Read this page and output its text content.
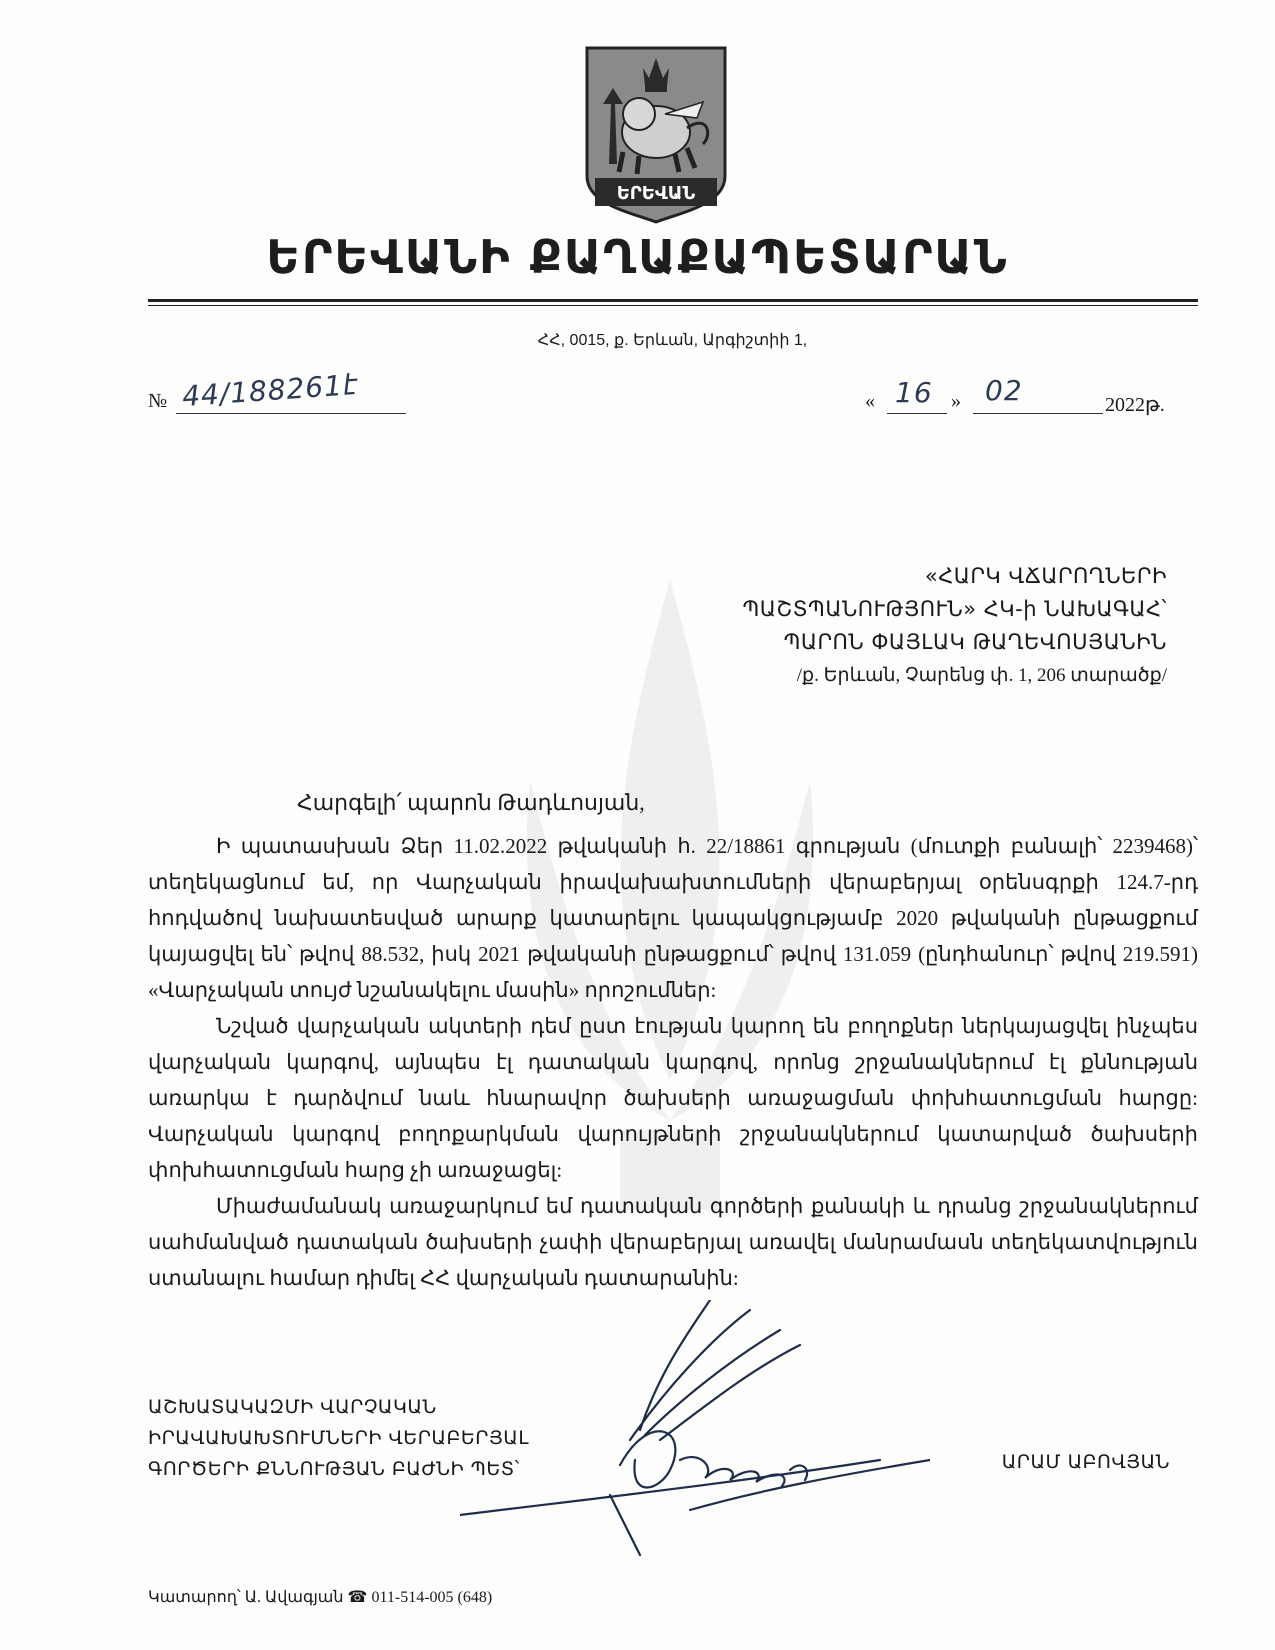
ԵՐԵՎԱՆ
ԵՐԵՎԱՆԻ ՔԱՂԱՔԱՊԵՏԱՐԱՆ
ՀՀ, 0015, ք. Երևան, Արգիշտիի 1,
№ 44/188261է	« 16 » 02	2022թ.
«ՀԱՐԿ ՎՃԱՐՈՂՆԵՐԻ
ՊԱՇՏՊԱՆՈՒԹՅՈՒՆ» ՀԿ-ի ՆԱԽԱԳԱՀ՝
ՊԱՐՈՆ ՓԱՅԼԱԿ ԹԱՂԵՎՈՍՅԱՆԻՆ
/ք. Երևան, Չարենց փ. 1, 206 տարածք/
Հարգելի՛ պարոն Թադևոսյան,

Ի պատասխան Ձեր 11.02.2022 թվականի հ. 22/18861 գրության (մուտքի բանալի՝ 2239468)՝ տեղեկացնում եմ, որ Վարչական իրավախախտումների վերաբերյալ օրենսգրքի 124.7-րդ հոդվածով նախատեսված արարք կատարելու կապակցությամբ 2020 թվականի ընթացքում կայացվել են՝ թվով 88.532, իսկ 2021 թվականի ընթացքում՝ թվով 131.059 (ընդհանուր՝ թվով 219.591) «Վարչական տույժ նշանակելու մասին» որոշումներ:

Նշված վարչական ակտերի դեմ ըստ էության կարող են բողոքներ ներկայացվել ինչպես վարչական կարգով, այնպես էլ դատական կարգով, որոնց շրջանակներում էլ քննության առարկա է դարձվում նաև հնարավոր ծախսերի առաջացման փոխհատուցման հարցը: Վարչական կարգով բողոքարկման վարույթների շրջանակներում կատարված ծախսերի փոխհատուցման հարց չի առաջացել:

Միաժամանակ առաջարկում եմ դատական գործերի քանակի և դրանց շրջանակներում սահմանված դատական ծախսերի չափի վերաբերյալ առավել մանրամասն տեղեկատվություն ստանալու համար դիմել ՀՀ վարչական դատարանին:

ԱՇԽԱՏԱԿԱԶՄԻ ՎԱՐՉԱԿԱՆ
ԻՐԱՎԱԽԱԽՏՈՒՄՆԵՐԻ ՎԵՐԱԲԵՐՅԱԼ
ԳՈՐԾԵՐԻ ՔՆՆՈՒԹՅԱՆ ԲԱԺՆԻ ՊԵՏ՝	ԱՐԱՄ ԱԲՈՎՅԱՆ
Կատարող՝ Ա. Ավագյան ☎ 011-514-005 (648)
